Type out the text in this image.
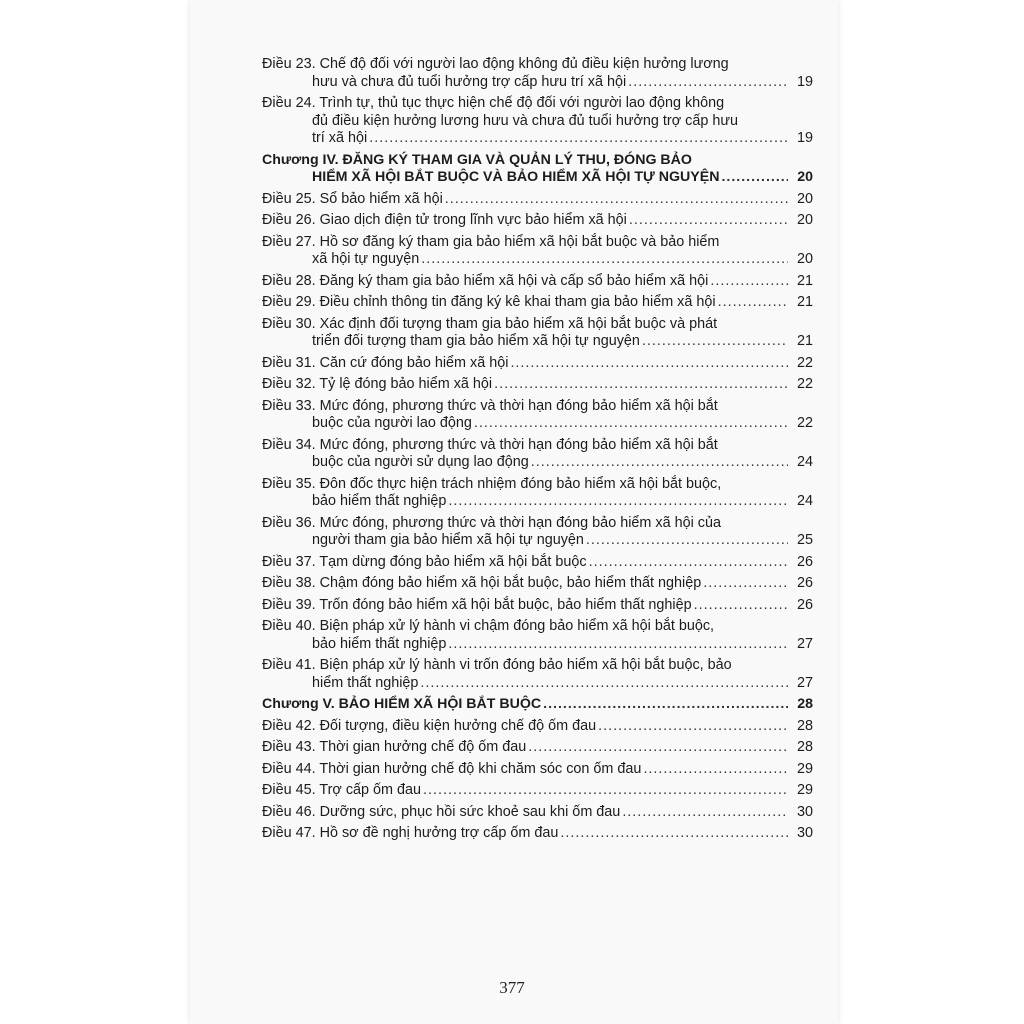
Điều 23. Chế độ đối với người lao động không đủ điều kiện hưởng lương
hưu và chưa đủ tuổi hưởng trợ cấp hưu trí xã hội .....	19
Điều 24. Trình tự, thủ tục thực hiện chế độ đối với người lao động không
đủ điều kiện hưởng lương hưu và chưa đủ tuổi hưởng trợ cấp hưu
trí xã hội .....	19
Chương IV. ĐĂNG KÝ THAM GIA VÀ QUẢN LÝ THU, ĐÓNG BẢO
HIỂM XÃ HỘI BẮT BUỘC VÀ BẢO HIỂM XÃ HỘI TỰ NGUYỆN .....	20
Điều 25. Sổ bảo hiểm xã hội .....	20
Điều 26. Giao dịch điện tử trong lĩnh vực bảo hiểm xã hội .....	20
Điều 27. Hồ sơ đăng ký tham gia bảo hiểm xã hội bắt buộc và bảo hiểm
xã hội tự nguyện .....	20
Điều 28. Đăng ký tham gia bảo hiểm xã hội và cấp sổ bảo hiểm xã hội .....	21
Điều 29. Điều chỉnh thông tin đăng ký kê khai tham gia bảo hiểm xã hội .....	21
Điều 30. Xác định đối tượng tham gia bảo hiểm xã hội bắt buộc và phát
triển đối tượng tham gia bảo hiểm xã hội tự nguyện .....	21
Điều 31. Căn cứ đóng bảo hiểm xã hội .....	22
Điều 32. Tỷ lệ đóng bảo hiểm xã hội .....	22
Điều 33. Mức đóng, phương thức và thời hạn đóng bảo hiểm xã hội bắt
buộc của người lao động .....	22
Điều 34. Mức đóng, phương thức và thời hạn đóng bảo hiểm xã hội bắt
buộc của người sử dụng lao động .....	24
Điều 35. Đôn đốc thực hiện trách nhiệm đóng bảo hiểm xã hội bắt buộc,
bảo hiểm thất nghiệp .....	24
Điều 36. Mức đóng, phương thức và thời hạn đóng bảo hiểm xã hội của
người tham gia bảo hiểm xã hội tự nguyện .....	25
Điều 37. Tạm dừng đóng bảo hiểm xã hội bắt buộc .....	26
Điều 38. Chậm đóng bảo hiểm xã hội bắt buộc, bảo hiểm thất nghiệp .....	26
Điều 39. Trốn đóng bảo hiểm xã hội bắt buộc, bảo hiểm thất nghiệp .....	26
Điều 40. Biện pháp xử lý hành vi chậm đóng bảo hiểm xã hội bắt buộc,
bảo hiểm thất nghiệp .....	27
Điều 41. Biện pháp xử lý hành vi trốn đóng bảo hiểm xã hội bắt buộc, bảo
hiểm thất nghiệp .....	27
Chương V. BẢO HIỂM XÃ HỘI BẮT BUỘC .....	28
Điều 42. Đối tượng, điều kiện hưởng chế độ ốm đau .....	28
Điều 43. Thời gian hưởng chế độ ốm đau .....	28
Điều 44. Thời gian hưởng chế độ khi chăm sóc con ốm đau .....	29
Điều 45. Trợ cấp ốm đau .....	29
Điều 46. Dưỡng sức, phục hồi sức khoẻ sau khi ốm đau .....	30
Điều 47. Hồ sơ đề nghị hưởng trợ cấp ốm đau .....	30
377
